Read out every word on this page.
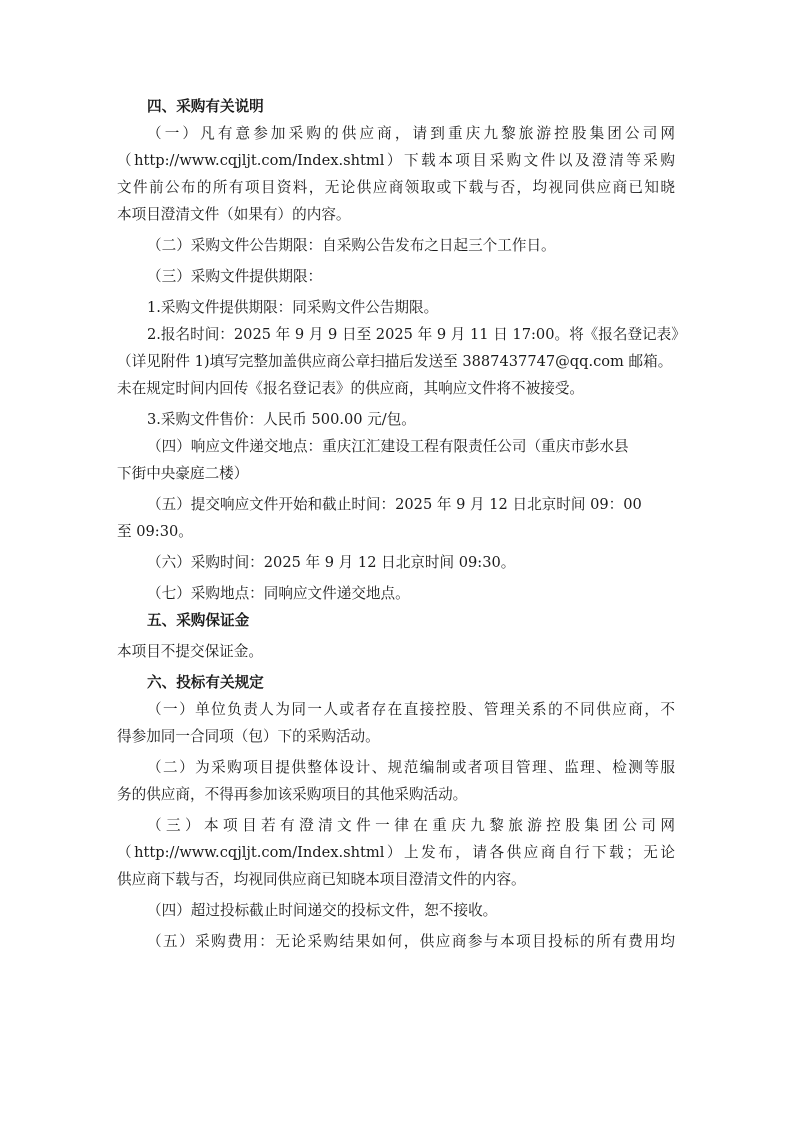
四、采购有关说明

（一）凡有意参加采购的供应商，请到重庆九黎旅游控股集团公司网

（http://www.cqjljt.com/Index.shtml）下载本项目采购文件以及澄清等采购

文件前公布的所有项目资料，无论供应商领取或下载与否，均视同供应商已知晓

本项目澄清文件（如果有）的内容。

（二）采购文件公告期限：自采购公告发布之日起三个工作日。

（三）采购文件提供期限：

1.采购文件提供期限：同采购文件公告期限。

2.报名时间：2025 年 9 月 9 日至 2025 年 9 月 11 日 17:00。将《报名登记表》

（详见附件 1)填写完整加盖供应商公章扫描后发送至 3887437747@qq.com 邮箱。

未在规定时间内回传《报名登记表》的供应商，其响应文件将不被接受。

3.采购文件售价：人民币 500.00 元/包。

（四）响应文件递交地点：重庆江汇建设工程有限责任公司（重庆市彭水县

下街中央豪庭二楼）

（五）提交响应文件开始和截止时间：2025 年 9 月 12 日北京时间 09：00

至 09:30。

（六）采购时间：2025 年 9 月 12 日北京时间 09:30。

（七）采购地点：同响应文件递交地点。

五、采购保证金

本项目不提交保证金。

六、投标有关规定

（一）单位负责人为同一人或者存在直接控股、管理关系的不同供应商，不

得参加同一合同项（包）下的采购活动。

（二）为采购项目提供整体设计、规范编制或者项目管理、监理、检测等服

务的供应商，不得再参加该采购项目的其他采购活动。

（三）本项目若有澄清文件一律在重庆九黎旅游控股集团公司网

（http://www.cqjljt.com/Index.shtml）上发布，请各供应商自行下载；无论

供应商下载与否，均视同供应商已知晓本项目澄清文件的内容。

（四）超过投标截止时间递交的投标文件，恕不接收。

（五）采购费用：无论采购结果如何，供应商参与本项目投标的所有费用均
